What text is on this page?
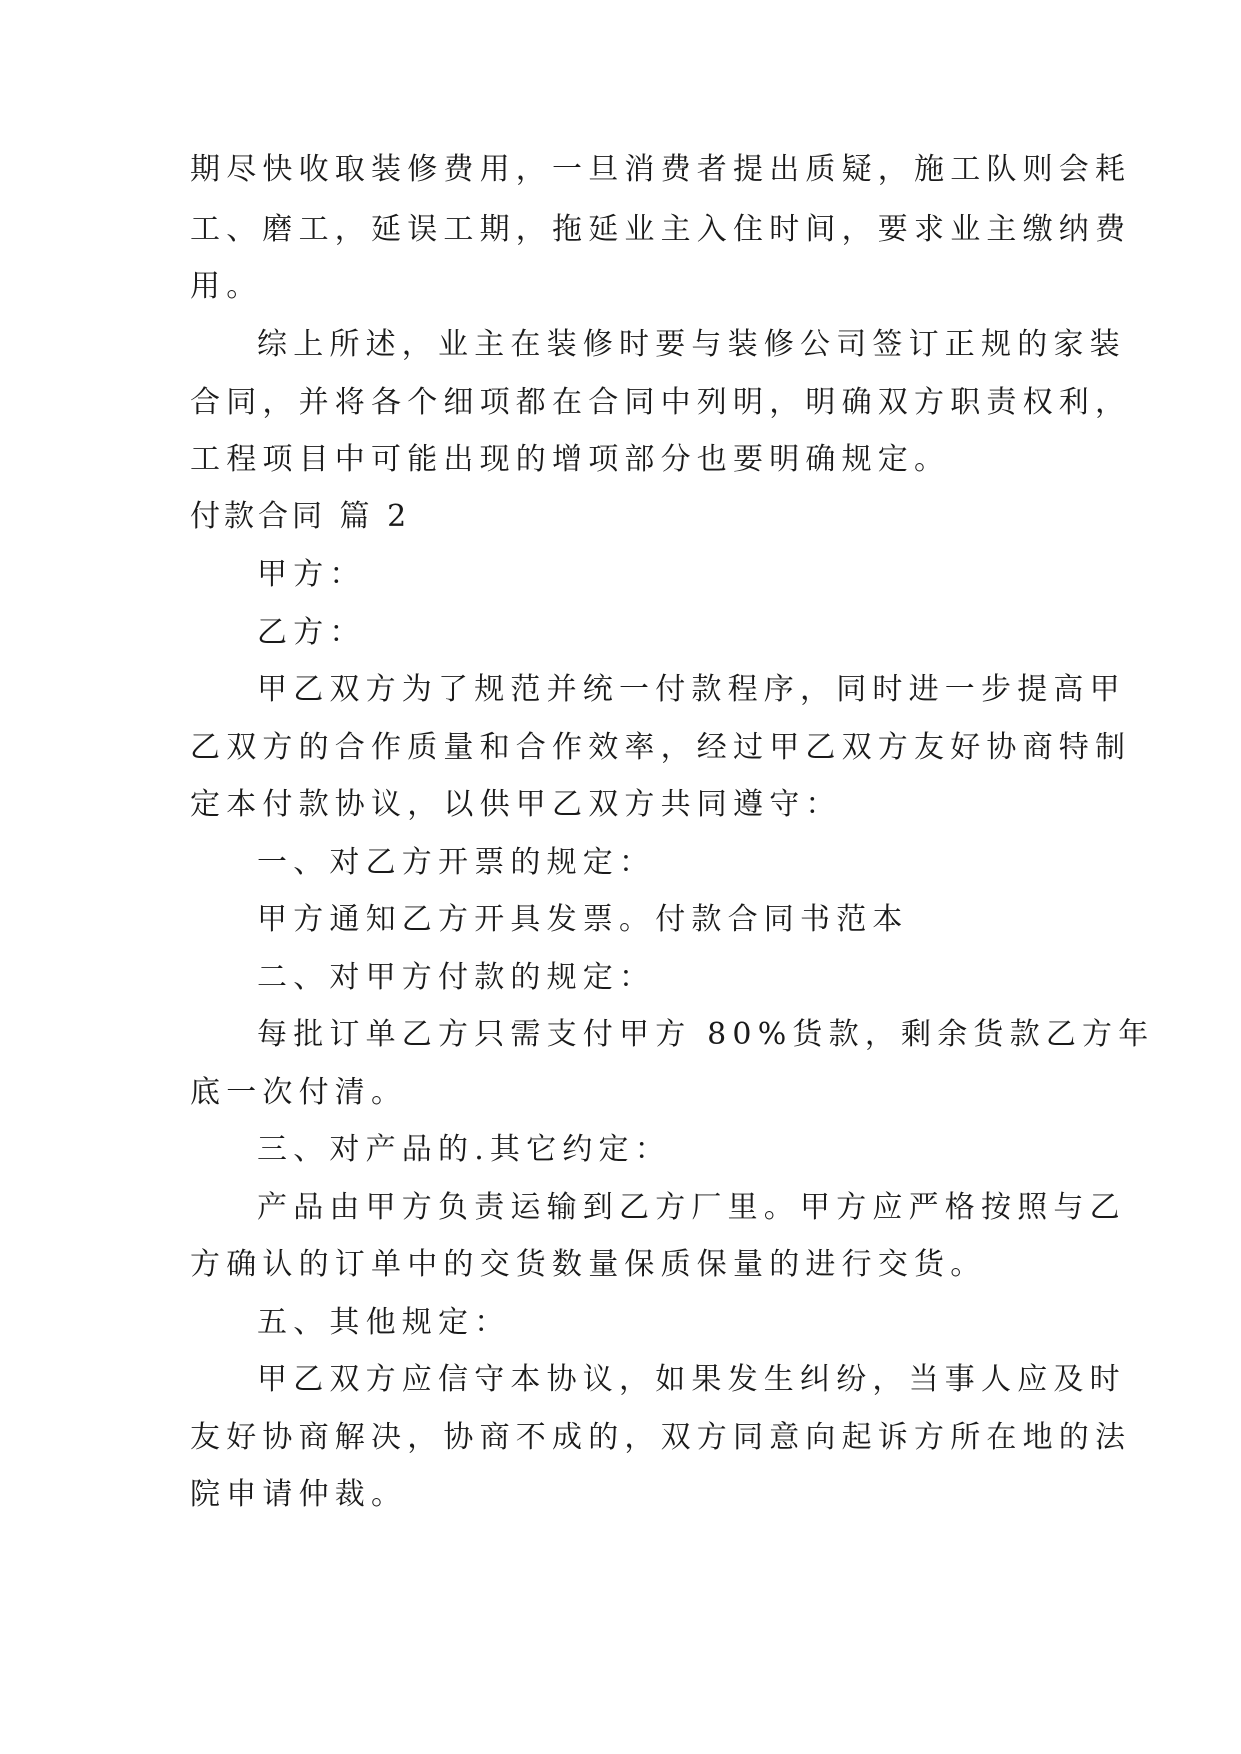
期尽快收取装修费用，一旦消费者提出质疑，施工队则会耗
工、磨工，延误工期，拖延业主入住时间，要求业主缴纳费
用。
综上所述，业主在装修时要与装修公司签订正规的家装
合同，并将各个细项都在合同中列明，明确双方职责权利，
工程项目中可能出现的增项部分也要明确规定。
付款合同 篇 2
甲方：
乙方：
甲乙双方为了规范并统一付款程序，同时进一步提高甲
乙双方的合作质量和合作效率，经过甲乙双方友好协商特制
定本付款协议，以供甲乙双方共同遵守：
一、对乙方开票的规定：
甲方通知乙方开具发票。付款合同书范本
二、对甲方付款的规定：
每批订单乙方只需支付甲方 80%货款，剩余货款乙方年
底一次付清。
三、对产品的.其它约定：
产品由甲方负责运输到乙方厂里。甲方应严格按照与乙
方确认的订单中的交货数量保质保量的进行交货。
五、其他规定：
甲乙双方应信守本协议，如果发生纠纷，当事人应及时
友好协商解决，协商不成的，双方同意向起诉方所在地的法
院申请仲裁。
